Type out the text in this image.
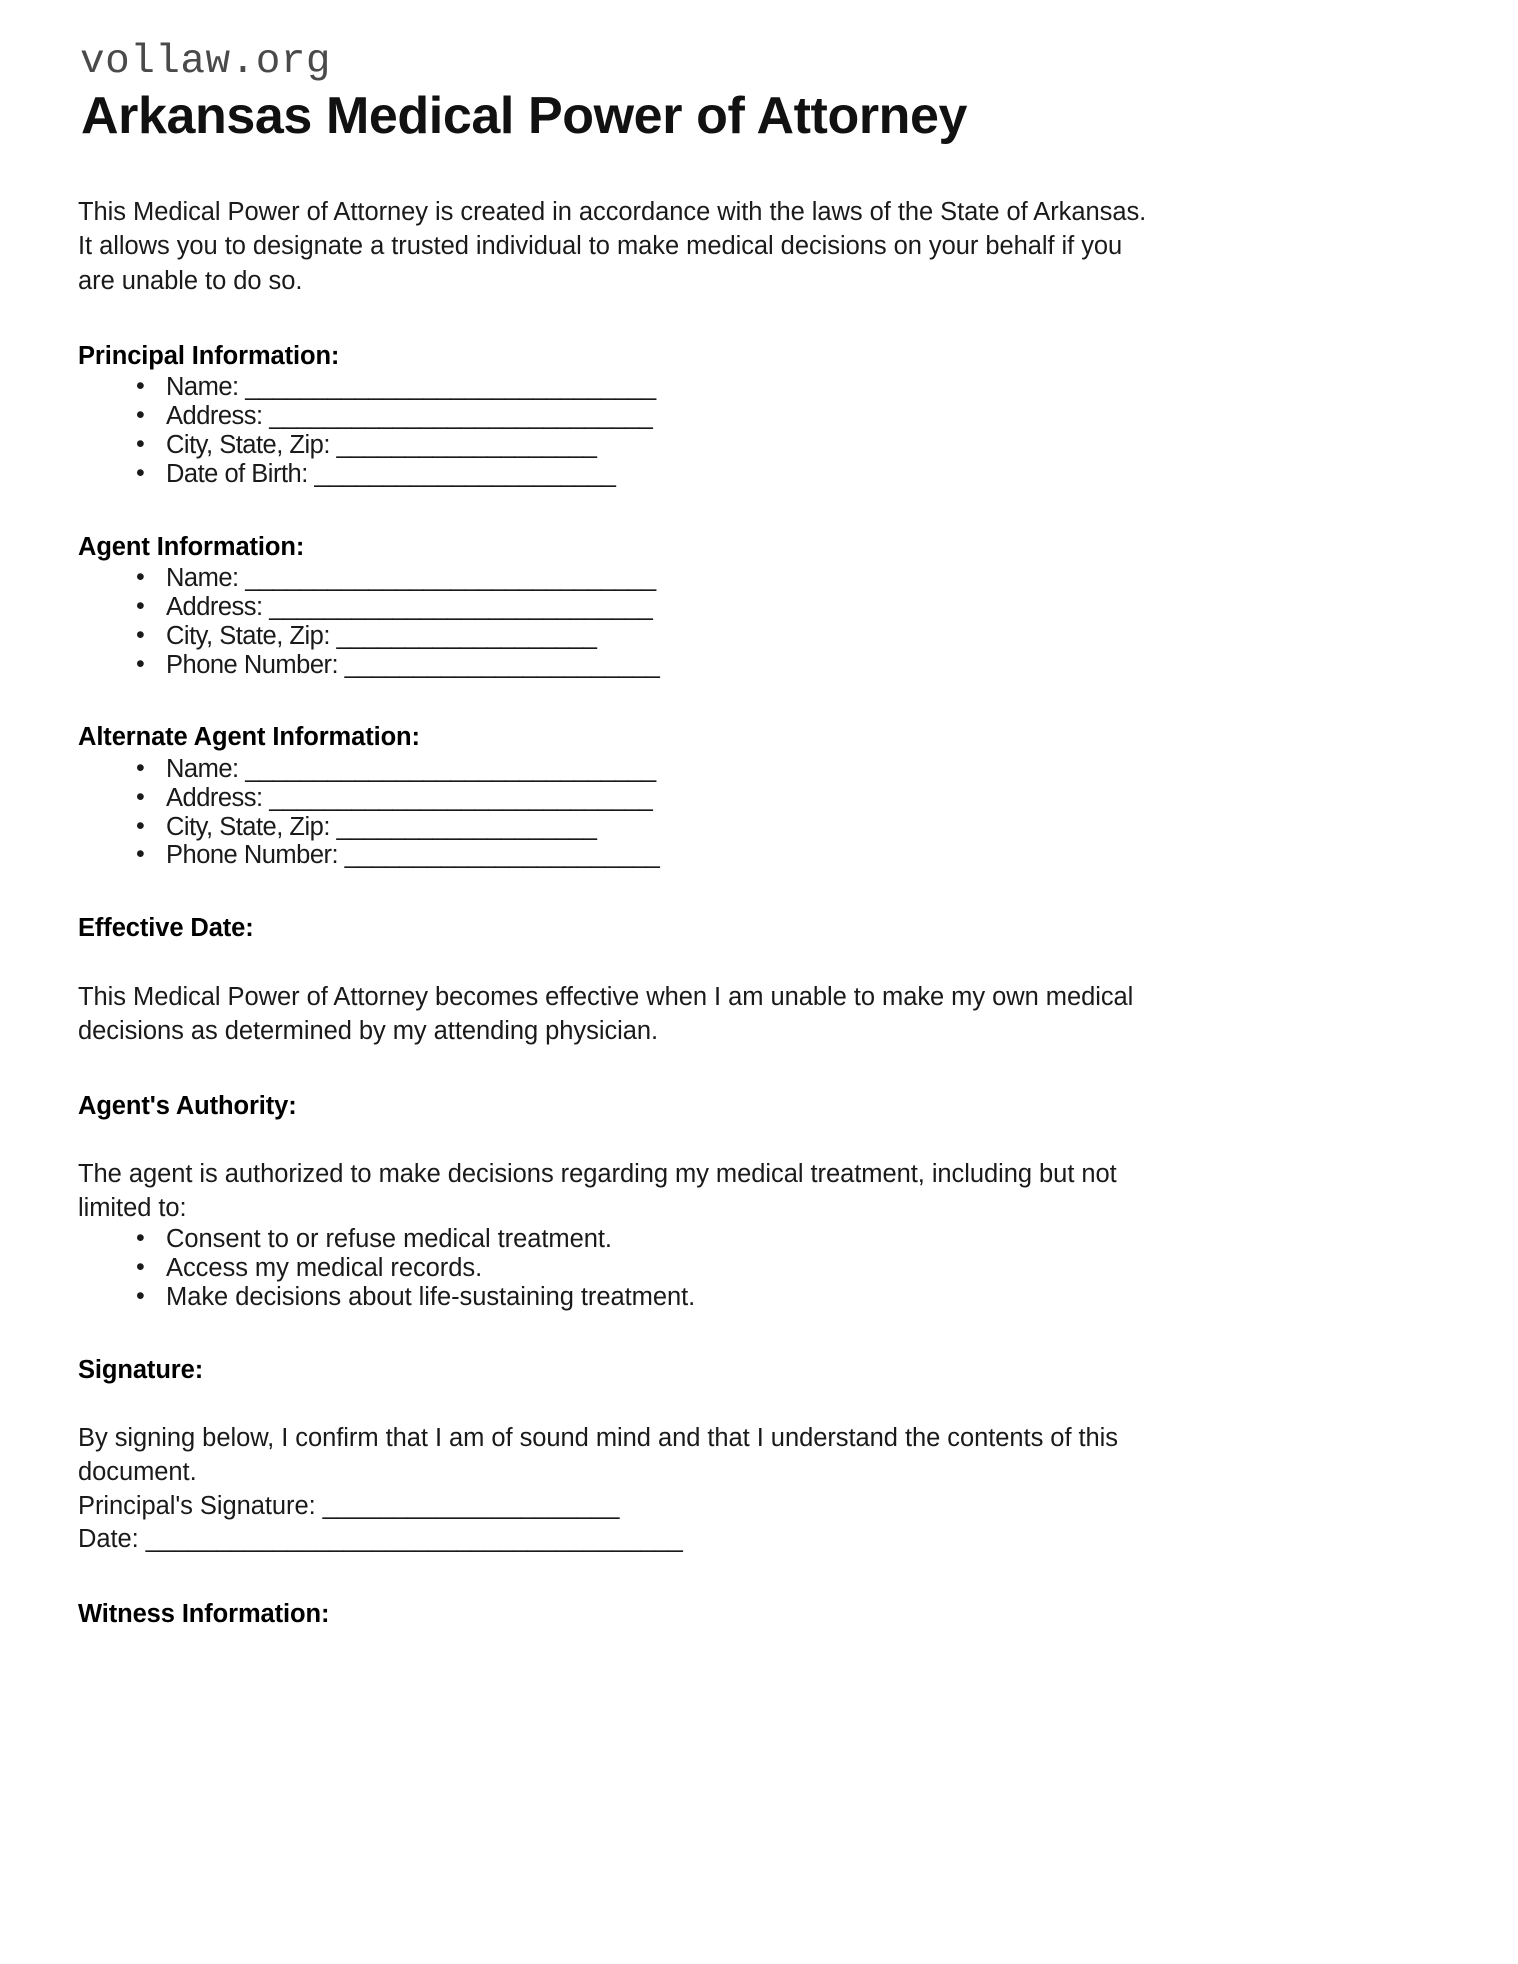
vollaw.org
Arkansas Medical Power of Attorney

This Medical Power of Attorney is created in accordance with the laws of the State of Arkansas. It allows you to designate a trusted individual to make medical decisions on your behalf if you are unable to do so.

Principal Information:
• Name: ______________________________
• Address: ____________________________
• City, State, Zip: ___________________
• Date of Birth: ______________________
Agent Information:
• Name: ______________________________
• Address: ____________________________
• City, State, Zip: ___________________
• Phone Number: _______________________
Alternate Agent Information:
• Name: ______________________________
• Address: ____________________________
• City, State, Zip: ___________________
• Phone Number: _______________________
Effective Date:

This Medical Power of Attorney becomes effective when I am unable to make my own medical decisions as determined by my attending physician.

Agent's Authority:

The agent is authorized to make decisions regarding my medical treatment, including but not limited to:

• Consent to or refuse medical treatment.
• Access my medical records.
• Make decisions about life-sustaining treatment.
Signature:

By signing below, I confirm that I am of sound mind and that I understand the contents of this document.

Principal's Signature: _____________________

Date: ______________________________________

Witness Information:
